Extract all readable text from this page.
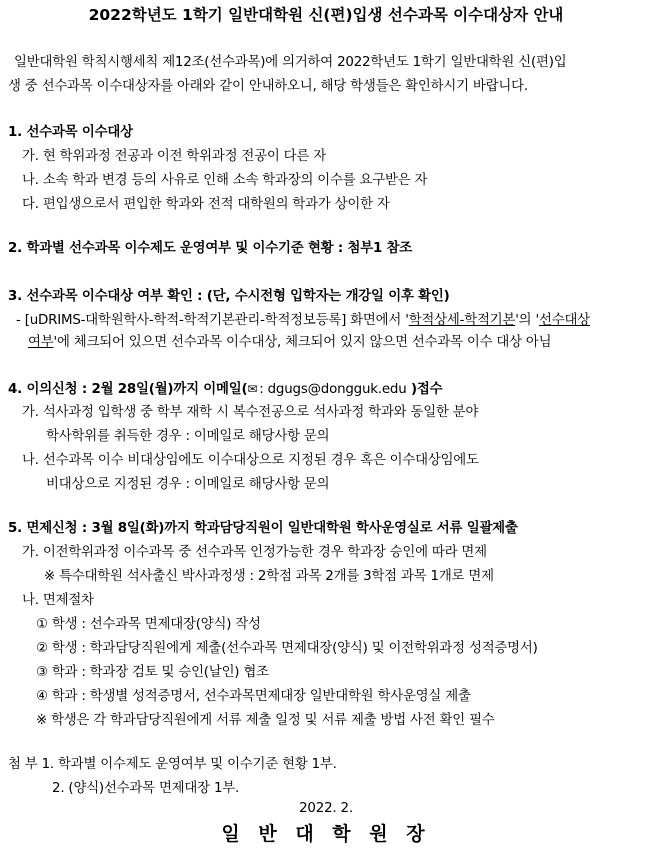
2022학년도 1학기 일반대학원 신(편)입생 선수과목 이수대상자 안내
일반대학원 학칙시행세칙 제12조(선수과목)에 의거하여 2022학년도 1학기 일반대학원 신(편)입
생 중 선수과목 이수대상자를 아래와 같이 안내하오니, 해당 학생들은 확인하시기 바랍니다.
1. 선수과목 이수대상
가. 현 학위과정 전공과 이전 학위과정 전공이 다른 자
나. 소속 학과 변경 등의 사유로 인해 소속 학과장의 이수를 요구받은 자
다. 편입생으로서 편입한 학과와 전적 대학원의 학과가 상이한 자
2. 학과별 선수과목 이수제도 운영여부 및 이수기준 현황 : 첨부1 참조
3. 선수과목 이수대상 여부 확인 : (단, 수시전형 입학자는 개강일 이후 확인)
- [uDRIMS-대학원학사-학적-학적기본관리-학적정보등록] 화면에서 '학적상세-학적기본'의 '선수대상
여부'에 체크되어 있으면 선수과목 이수대상, 체크되어 있지 않으면 선수과목 이수 대상 아님
4. 이의신청 : 2월 28일(월)까지 이메일(✉ : dgugs@dongguk.edu )접수
가. 석사과정 입학생 중 학부 재학 시 복수전공으로 석사과정 학과와 동일한 분야
학사학위를 취득한 경우 : 이메일로 해당사항 문의
나. 선수과목 이수 비대상임에도 이수대상으로 지정된 경우 혹은 이수대상임에도
비대상으로 지정된 경우 : 이메일로 해당사항 문의
5. 면제신청 : 3월 8일(화)까지 학과담당직원이 일반대학원 학사운영실로 서류 일괄제출
가. 이전학위과정 이수과목 중 선수과목 인정가능한 경우 학과장 승인에 따라 면제
※ 특수대학원 석사출신 박사과정생 : 2학점 과목 2개를 3학점 과목 1개로 면제
나. 면제절차
① 학생 : 선수과목 면제대장(양식) 작성
② 학생 : 학과담당직원에게 제출(선수과목 면제대장(양식) 및 이전학위과정 성적증명서)
③ 학과 : 학과장 검토 및 승인(날인) 협조
④ 학과 : 학생별 성적증명서, 선수과목면제대장 일반대학원 학사운영실 제출
※ 학생은 각 학과담당직원에게 서류 제출 일정 및 서류 제출 방법 사전 확인 필수
첨 부 1. 학과별 이수제도 운영여부 및 이수기준 현황 1부.
2. (양식)선수과목 면제대장 1부.
2022. 2.
일 반 대 학 원 장
